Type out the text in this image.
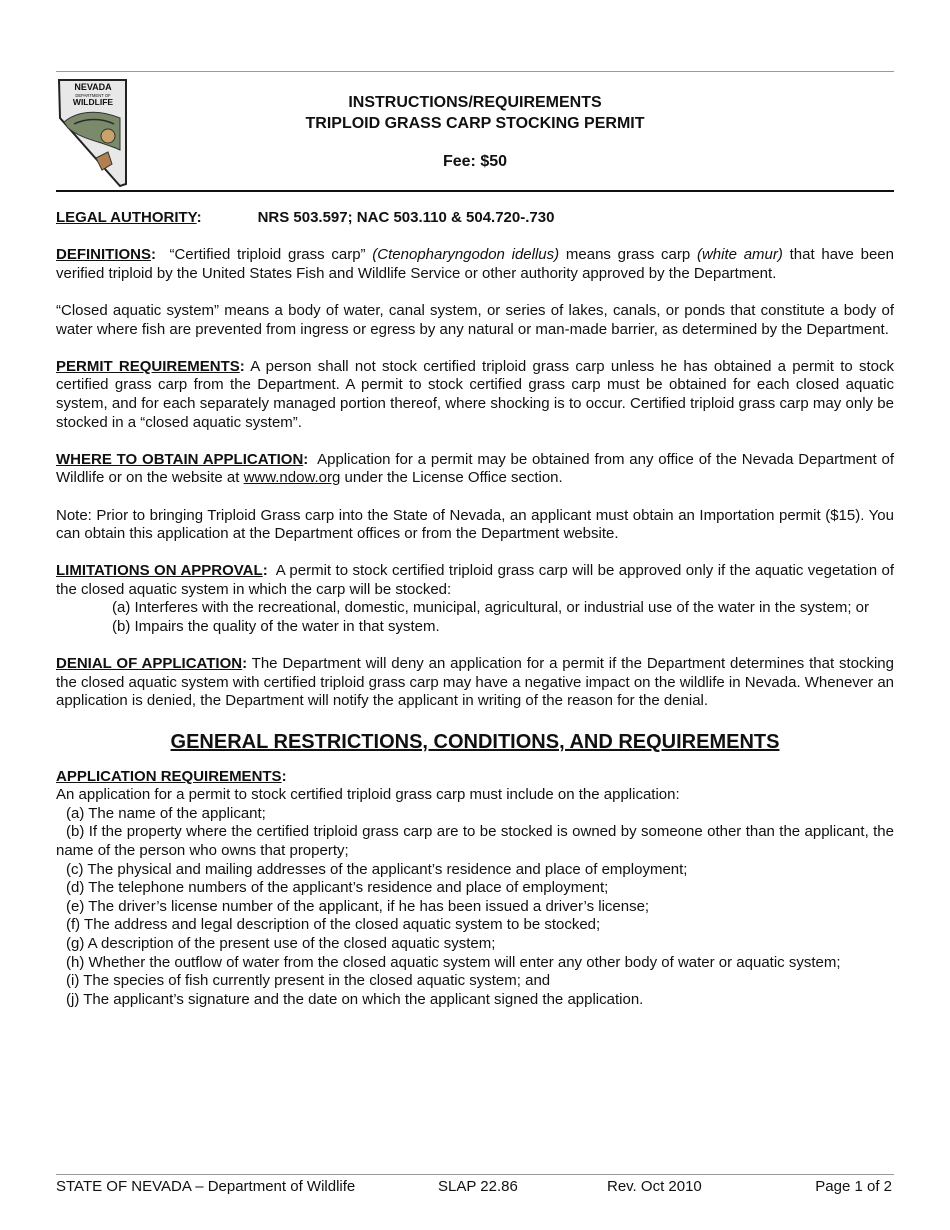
NEVADA
DEPARTMENT OF
WILDLIFE	INSTRUCTIONS/REQUIREMENTS
TRIPLOID GRASS CARP STOCKING PERMIT
Fee: $50

LEGAL AUTHORITY:	NRS 503.597; NAC 503.110 & 504.720-.730

DEFINITIONS:  “Certified triploid grass carp” (Ctenopharyngodon idellus) means grass carp (white amur) that have been verified triploid by the United States Fish and Wildlife Service or other authority approved by the Department.

“Closed aquatic system” means a body of water, canal system, or series of lakes, canals, or ponds that constitute a body of water where fish are prevented from ingress or egress by any natural or man-made barrier, as determined by the Department.

PERMIT REQUIREMENTS: A person shall not stock certified triploid grass carp unless he has obtained a permit to stock certified grass carp from the Department. A permit to stock certified grass carp must be obtained for each closed aquatic system, and for each separately managed portion thereof, where shocking is to occur. Certified triploid grass carp may only be stocked in a “closed aquatic system”.

WHERE TO OBTAIN APPLICATION:  Application for a permit may be obtained from any office of the Nevada Department of Wildlife or on the website at www.ndow.org under the License Office section.

Note: Prior to bringing Triploid Grass carp into the State of Nevada, an applicant must obtain an Importation permit ($15). You can obtain this application at the Department offices or from the Department website.

LIMITATIONS ON APPROVAL:  A permit to stock certified triploid grass carp will be approved only if the aquatic vegetation of the closed aquatic system in which the carp will be stocked:

(a) Interferes with the recreational, domestic, municipal, agricultural, or industrial use of the water in the system; or

(b) Impairs the quality of the water in that system.

DENIAL OF APPLICATION: The Department will deny an application for a permit if the Department determines that stocking the closed aquatic system with certified triploid grass carp may have a negative impact on the wildlife in Nevada. Whenever an application is denied, the Department will notify the applicant in writing of the reason for the denial.

GENERAL RESTRICTIONS, CONDITIONS, AND REQUIREMENTS
APPLICATION REQUIREMENTS:
An application for a permit to stock certified triploid grass carp must include on the application:
(a) The name of the applicant;
(b) If the property where the certified triploid grass carp are to be stocked is owned by someone other than the applicant, the name of the person who owns that property;
(c) The physical and mailing addresses of the applicant’s residence and place of employment;
(d) The telephone numbers of the applicant’s residence and place of employment;
(e) The driver’s license number of the applicant, if he has been issued a driver’s license;
(f) The address and legal description of the closed aquatic system to be stocked;
(g) A description of the present use of the closed aquatic system;
(h) Whether the outflow of water from the closed aquatic system will enter any other body of water or aquatic system;
(i) The species of fish currently present in the closed aquatic system; and
(j) The applicant’s signature and the date on which the applicant signed the application.
STATE OF NEVADA – Department of Wildlife	SLAP 22.86	Rev. Oct 2010	Page 1 of 2
